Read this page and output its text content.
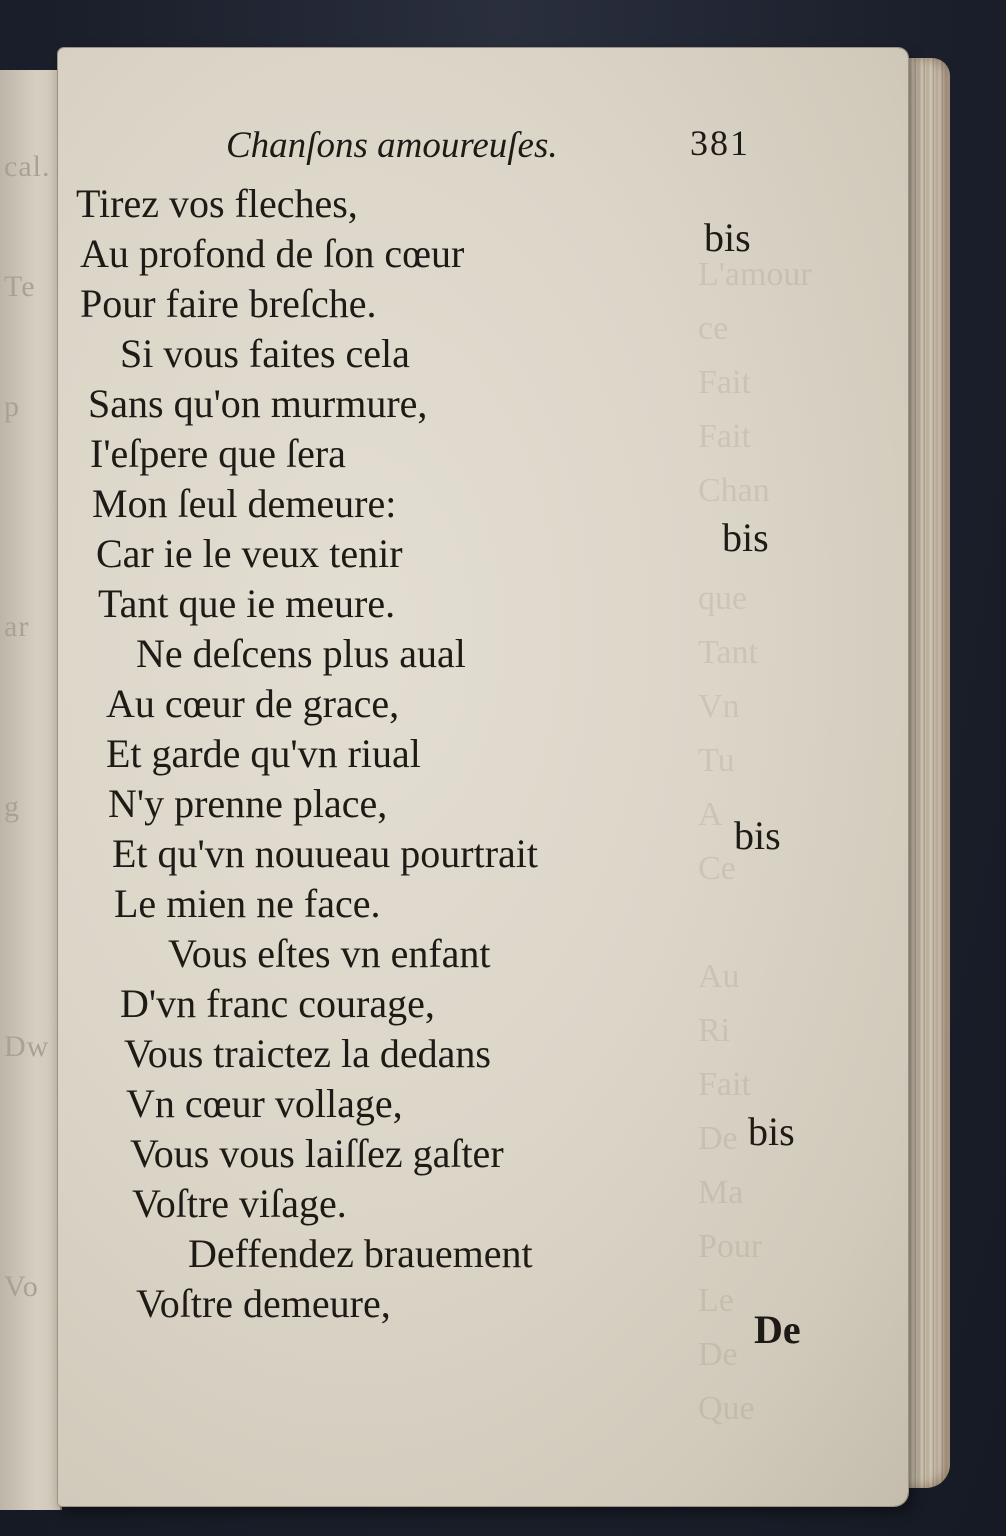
cal.
Te
p
ar
g
Dw
Vo
L'amour
ce
Fait
Fait
Chan

que
Tant
Vn
Tu
A
Ce

Au
Ri
Fait
De
Ma
Pour
Le
De
Que

Chanſons amoureuſes.	381
Tirez vos fleches,
Au profond de ſon cœur
Pour faire breſche.
Si vous faites cela
Sans qu'on murmure,
I'eſpere que ſera
Mon ſeul demeure:
Car ie le veux tenir
Tant que ie meure.
Ne deſcens plus aual
Au cœur de grace,
Et garde qu'vn riual
N'y prenne place,
Et qu'vn nouueau pourtrait
Le mien ne face.
Vous eſtes vn enfant
D'vn franc courage,
Vous traictez la dedans
Vn cœur vollage,
Vous vous laiſſez gaſter
Voſtre viſage.
Deffendez brauement
Voſtre demeure,
bis
bis
bis
bis
De
